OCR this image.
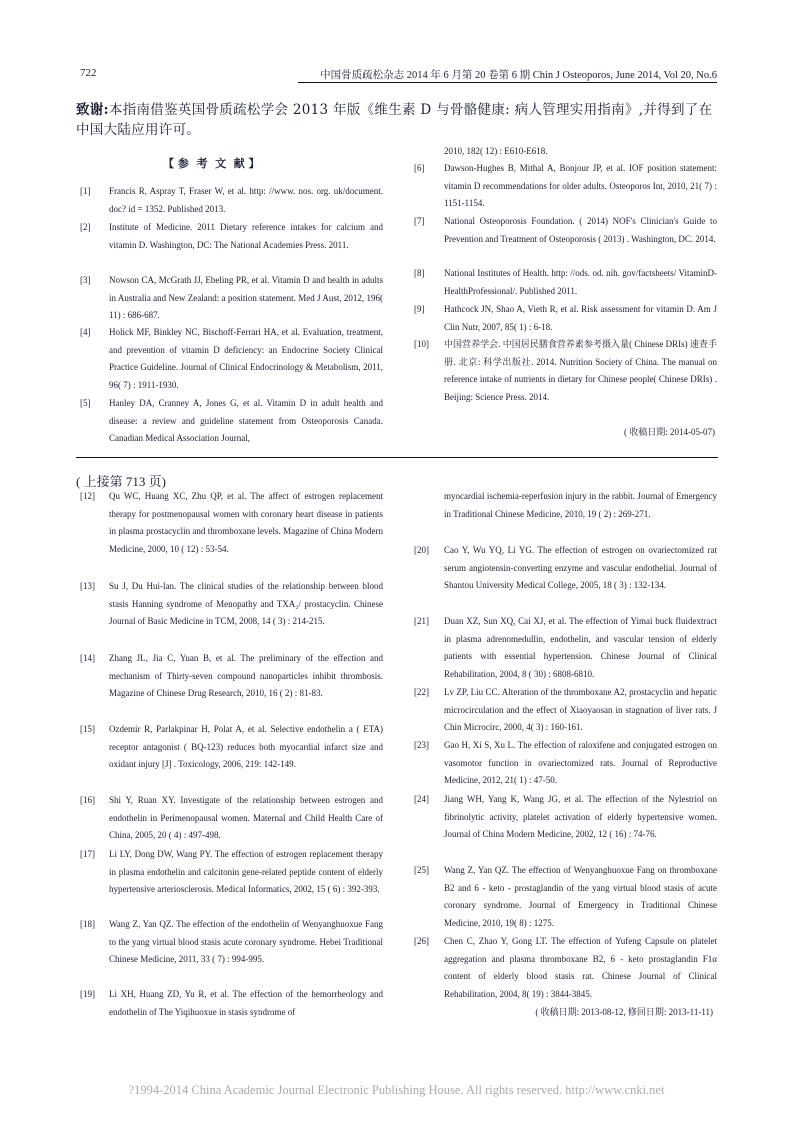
722	中国骨质疏松杂志 2014 年 6 月第 20 卷第 6 期 Chin J Osteoporos, June 2014, Vol 20, No.6
致谢:本指南借鉴英国骨质疏松学会 2013 年版《维生素 D 与骨骼健康: 病人管理实用指南》,并得到了在中国大陆应用许可。
【 参  考  文  献 】
[1] Francis R, Aspray T, Fraser W, et al. http: //www. nos. org. uk/document. doc? id = 1352. Published 2013.
[2] Institute of Medicine. 2011 Dietary reference intakes for calcium and vitamin D. Washington, DC: The National Academies Press. 2011.
[3] Nowson CA, McGrath JJ, Ebeling PR, et al. Vitamin D and health in adults in Australia and New Zealand: a position statement. Med J Aust, 2012, 196( 11) : 686-687.
[4] Holick MF, Binkley NC, Bischoff-Ferrari HA, et al. Evaluation, treatment, and prevention of vitamin D deficiency: an Endocrine Society Clinical Practice Guideline. Journal of Clinical Endocrinology & Metabolism, 2011, 96( 7) : 1911-1930.
[5] Hanley DA, Cranney A, Jones G, et al. Vitamin D in adult health and disease: a review and guideline statement from Osteoporosis Canada. Canadian Medical Association Journal,
2010, 182( 12) : E610-E618.
[6] Dawson-Hughes B, Mithal A, Bonjour JP, et al. IOF position statement: vitamin D recommendations for older adults. Osteoporos Int, 2010, 21( 7) : 1151-1154.
[7] National Osteoporosis Foundation. ( 2014) NOF's Clinician's Guide to Prevention and Treatment of Osteoporosis ( 2013) . Washington, DC. 2014.
[8] National Institutes of Health. http: //ods. od. nih. gov/factsheets/ VitaminD-HealthProfessional/. Published 2011.
[9] Hathcock JN, Shao A, Vieth R, et al. Risk assessment for vitamin D. Am J Clin Nutr, 2007, 85( 1) : 6-18.
[10] 中国营养学会. 中国居民膳食营养素参考摄入量( Chinese DRIs) 速查手册. 北京: 科学出版社. 2014. Nutrition Society of China. The manual on reference intake of nutrients in dietary for Chinese people( Chinese DRIs) . Beijing: Science Press. 2014.
( 收稿日期: 2014-05-07)
( 上接第 713 页)
[12] Qu WC, Huang XC, Zhu QP, et al. The affect of estrogen replacement therapy for postmenopausal women with coronary heart disease in patients in plasma prostacyclin and thromboxane levels. Magazine of China Modern Medicine, 2000, 10 ( 12) : 53-54.
[13] Su J, Du Hui-lan. The clinical studies of the relationship between blood stasis Hanning syndrome of Menopathy and TXA₂/ prostacyclin. Chinese Journal of Basic Medicine in TCM, 2008, 14 ( 3) : 214-215.
[14] Zhang JL, Jia C, Yuan B, et al. The preliminary of the effection and mechanism of Thirty-seven compound nanoparticles inhibit thrombosis. Magazine of Chinese Drug Research, 2010, 16 ( 2) : 81-83.
[15] Ozdemir R, Parlakpinar H, Polat A, et al. Selective endothelin a ( ETA) receptor antagonist ( BQ-123) reduces both myocardial infarct size and oxidant injury [J] . Toxicology, 2006, 219: 142-149.
[16] Shi Y, Ruan XY. Investigate of the relationship between estrogen and endothelin in Perimenopausal women. Maternal and Child Health Care of China, 2005, 20 ( 4) : 497-498.
[17] Li LY, Dong DW, Wang PY. The effection of estrogen replacement therapy in plasma endothelin and calcitonin gene-related peptide content of elderly hypertensive arteriosclerosis. Medical Informatics, 2002, 15 ( 6) : 392-393.
[18] Wang Z, Yan QZ. The effection of the endothelin of Wenyanghuoxue Fang to the yang virtual blood stasis acute coronary syndrome. Hebei Traditional Chinese Medicine, 2011, 33 ( 7) : 994-995.
[19] Li XH, Huang ZD, Yu R, et al. The effection of the hemorrheology and endothelin of The Yiqihuoxue in stasis syndrome of
myocardial ischemia-reperfusion injury in the rabbit. Journal of Emergency in Traditional Chinese Medicine, 2010, 19 ( 2) : 269-271.
[20] Cao Y, Wu YQ, Li YG. The effection of estrogen on ovariectomized rat serum angiotensin-converting enzyme and vascular endothelial. Journal of Shantou University Medical College, 2005, 18 ( 3) : 132-134.
[21] Duan XZ, Sun XQ, Cai XJ, et al. The effection of Yimai buck fluidextract in plasma adrenomedullin, endothelin, and vascular tension of elderly patients with essential hypertension. Chinese Journal of Clinical Rehabilitation, 2004, 8 ( 30) : 6808-6810.
[22] Lv ZP, Liu CC. Alteration of the thromboxane A2, prostacyclin and hepatic microcirculation and the effect of Xiaoyaosan in stagnation of liver rats. J Chin Microcirc, 2000, 4( 3) : 160-161.
[23] Gao H, Xi S, Xu L. The effection of raloxifene and conjugated estrogen on vasomotor function in ovariectomized rats. Journal of Reproductive Medicine, 2012, 21( 1) : 47-50.
[24] Jiang WH, Yang K, Wang JG, et al. The effection of the Nylestriol on fibrinolytic activity, platelet activation of elderly hypertensive women. Journal of China Modern Medicine, 2002, 12 ( 16) : 74-76.
[25] Wang Z, Yan QZ. The effection of Wenyanghuoxue Fang on thromboxane B2 and 6 - keto - prostaglandin of the yang virtual blood stasis of acute coronary syndrome. Journal of Emergency in Traditional Chinese Medicine, 2010, 19( 8) : 1275.
[26] Chen C, Zhao Y, Gong LT. The effection of Yufeng Capsule on platelet aggregation and plasma thromboxane B2, 6 - keto prostaglandin F1α content of elderly blood stasis rat. Chinese Journal of Clinical Rehabilitation, 2004, 8( 19) : 3844-3845.
( 收稿日期: 2013-08-12, 修回日期: 2013-11-11)
?1994-2014 China Academic Journal Electronic Publishing House. All rights reserved. http://www.cnki.net
